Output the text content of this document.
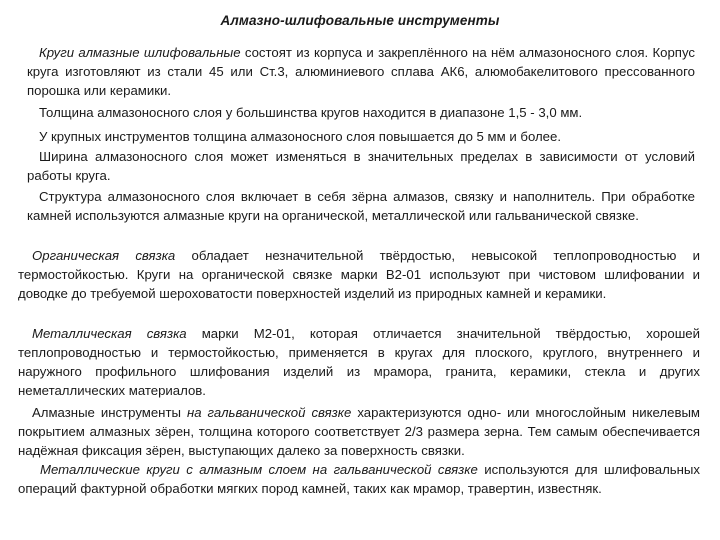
Алмазно-шлифовальные инструменты
Круги алмазные шлифовальные состоят из корпуса и закреплённого на нём алмазоносного слоя. Корпус круга изготовляют из стали 45 или Ст.3, алюминиевого сплава АК6, алюмобакелитового прессованного порошка или керамики.
Толщина алмазоносного слоя у большинства кругов находится в диапазоне 1,5 - 3,0 мм.
У крупных инструментов толщина алмазоносного слоя повышается до 5 мм и более.
Ширина алмазоносного слоя может изменяться в значительных пределах в зависимости от условий работы круга.
Структура алмазоносного слоя включает в себя зёрна алмазов, связку и наполнитель. При обработке камней используются алмазные круги на органической, металлической или гальванической связке.
Органическая связка обладает незначительной твёрдостью, невысокой теплопроводностью и термостойкостью. Круги на органической связке марки В2-01 используют при чистовом шлифовании и доводке до требуемой шероховатости поверхностей изделий из природных камней и керамики.
Металлическая связка марки М2-01, которая отличается значительной твёрдостью, хорошей теплопроводностью и термостойкостью, применяется в кругах для плоского, круглого, внутреннего и наружного профильного шлифования изделий из мрамора, гранита, керамики, стекла и других неметаллических материалов.
Алмазные инструменты на гальванической связке характеризуются одно- или многослойным никелевым покрытием алмазных зёрен, толщина которого соответствует 2/3 размера зерна. Тем самым обеспечивается надёжная фиксация зёрен, выступающих далеко за поверхность связки.
Металлические круги с алмазным слоем на гальванической связке используются для шлифовальных операций фактурной обработки мягких пород камней, таких как мрамор, травертин, известняк.
